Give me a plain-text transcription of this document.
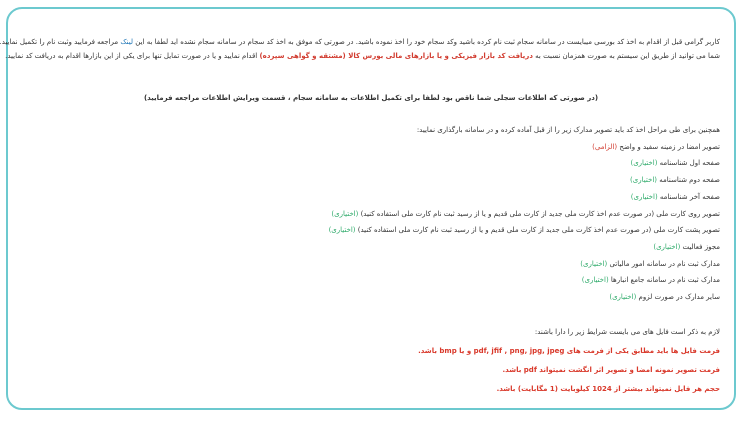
کاربر گرامی قبل از اقدام به اخذ کد بورسی میبایست در سامانه سجام ثبت نام کرده باشید وکد سجام خود را اخذ نموده باشید. در صورتی که موفق به اخذ کد سجام در سامانه سجام نشده اید لطفا به این لینک مراجعه فرمایید وثبت نام را تکمیل نمایید.
شما می توانید از طریق این سیستم به صورت همزمان نسبت به دریافت کد بازار فیزیکی و یا بازارهای مالی بورس کالا (مشتقه و گواهی سپرده) اقدام نمایید و یا در صورت تمایل تنها برای یکی از این بازارها اقدام به دریافت کد نمایید.
(در صورتی که اطلاعات سجلی شما ناقص بود لطفا برای تکمیل اطلاعات به سامانه سجام ، قسمت ویرایش اطلاعات مراجعه فرمایید)
همچنین برای طی مراحل اخذ کد باید تصویر مدارک زیر را از قبل آماده کرده و در سامانه بارگذاری نمایید:
تصویر امضا در زمینه سفید و واضح (الزامی)
صفحه اول شناسنامه (اختیاری)
صفحه دوم شناسنامه (اختیاری)
صفحه آخر شناسنامه (اختیاری)
تصویر روی کارت ملی (در صورت عدم اخذ کارت ملی جدید از کارت ملی قدیم و یا از رسید ثبت نام کارت ملی استفاده کنید) (اختیاری)
تصویر پشت کارت ملی (در صورت عدم اخذ کارت ملی جدید از کارت ملی قدیم و یا از رسید ثبت نام کارت ملی استفاده کنید) (اختیاری)
مجوز فعالیت (اختیاری)
مدارک ثبت نام در سامانه امور مالیاتی (اختیاری)
مدارک ثبت نام در سامانه جامع انبارها (اختیاری)
سایر مدارک در صورت لزوم (اختیاری)
لازم به ذکر است فایل های می بایست شرایط زیر را دارا باشند:
فرمت فایل ها باید مطابق یکی از فرمت های pdf, jfif , png, jpg, jpeg و یا bmp باشد.
فرمت تصویر نمونه امضا و تصویر اثر انگشت نمیتواند pdf باشد.
حجم هر فایل نمیتواند بیشتر از 1024 کیلوبایت (1 مگابایت) باشد.
